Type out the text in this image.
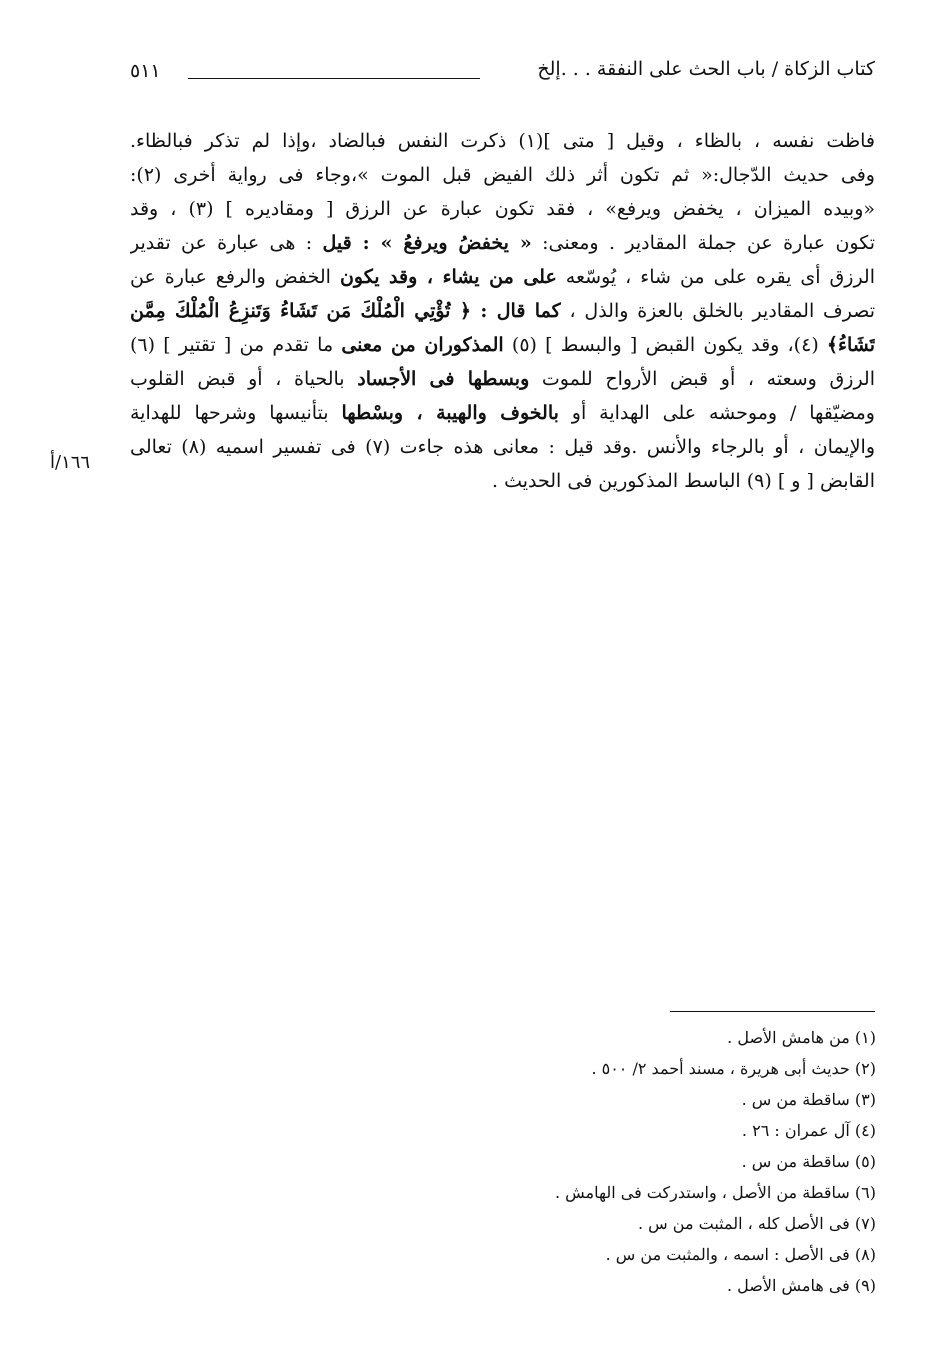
كتاب الزكاة / باب الحث على النفقة . . .إلخ
٥١١
فاظت نفسه ، بالظاء ، وقيل [ متى ](١) ذكرت النفس فبالضاد ،وإذا لم تذكر فبالظاء.
وفى حديث الدّجال:« ثم تكون أثر ذلك الفيض قبل الموت »،وجاء فى رواية أخرى (٢):
«وبيده الميزان ، يخفض ويرفع» ، فقد تكون عبارة عن الرزق [ ومقاديره ] (٣) ، وقد
تكون عبارة عن جملة المقادير . ومعنى: « يخفضُ ويرفعُ » : قيل : هى عبارة عن تقدير
الرزق أى يقره على من شاء ، يُوسّعه على من يشاء ، وقد يكون الخفض والرفع عبارة عن
تصرف المقادير بالخلق بالعزة والذل ، كما قال : ﴿ تُؤْتِي الْمُلْكَ مَن تَشَاءُ وَتَنزِعُ الْمُلْكَ مِمَّن
تَشَاءُ﴾ (٤)، وقد يكون القبض [ والبسط ] (٥) المذكوران من معنى ما تقدم من [ تقتير ] (٦)
الرزق وسعته ، أو قبض الأرواح للموت وبسطها فى الأجساد بالحياة ، أو قبض القلوب
ومضيّقها / وموحشه على الهداية أو بالخوف والهيبة ، وبسْطها بتأنيسها وشرحها للهداية
والإيمان ، أو بالرجاء والأنس .وقد قيل : معانى هذه جاءت (٧) فى تفسير اسميه (٨) تعالى
القابض [ و ] (٩) الباسط المذكورين فى الحديث .
١٦٦/أ
(١) من هامش الأصل .
(٢) حديث أبى هريرة ، مسند أحمد ٢/ ٥٠٠ .
(٣) ساقطة من س .
(٤) آل عمران : ٢٦ .
(٥) ساقطة من س .
(٦) ساقطة من الأصل ، واستدركت فى الهامش .
(٧) فى الأصل كله ، المثبت من س .
(٨) فى الأصل : اسمه ، والمثبت من س .
(٩) فى هامش الأصل .
